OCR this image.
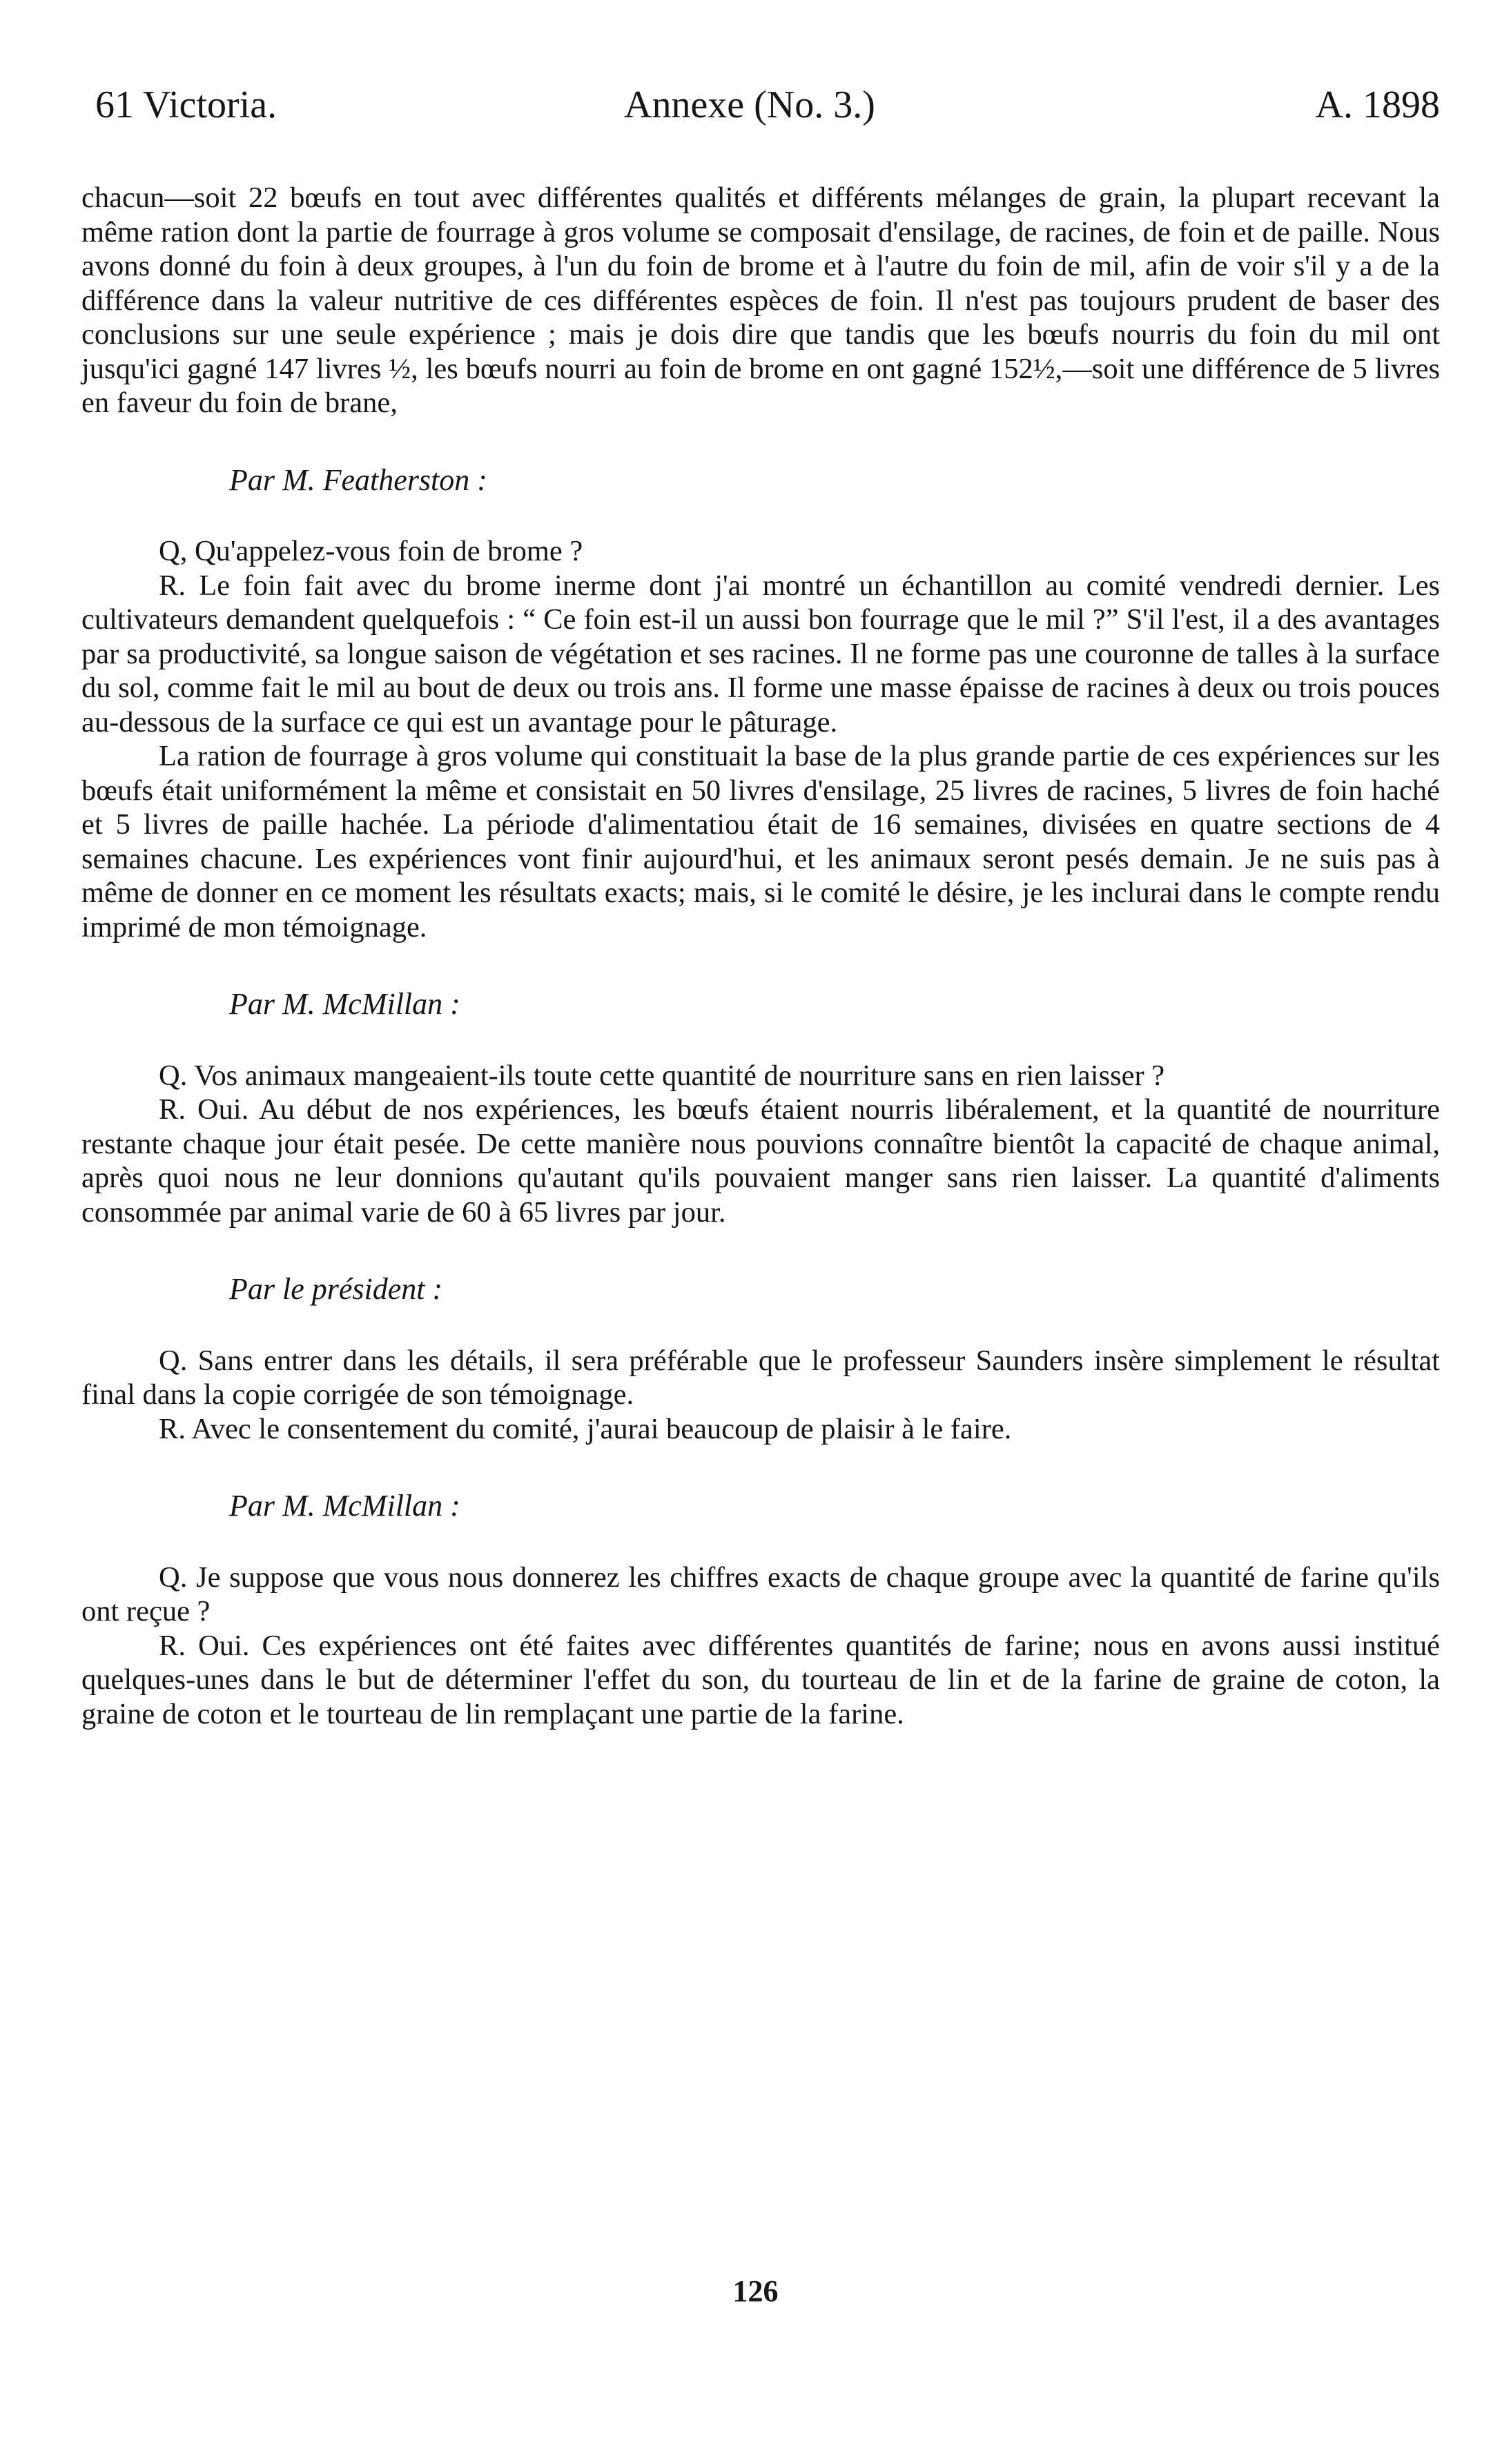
61 Victoria.	Annexe (No. 3.)	A. 1898

chacun—soit 22 bœufs en tout avec différentes qualités et différents mélanges de grain, la plupart recevant la même ration dont la partie de fourrage à gros volume se composait d'ensilage, de racines, de foin et de paille. Nous avons donné du foin à deux groupes, à l'un du foin de brome et à l'autre du foin de mil, afin de voir s'il y a de la différence dans la valeur nutritive de ces différentes espèces de foin. Il n'est pas toujours prudent de baser des conclusions sur une seule expérience ; mais je dois dire que tandis que les bœufs nourris du foin du mil ont jusqu'ici gagné 147 livres ½, les bœufs nourri au foin de brome en ont gagné 152½,—soit une différence de 5 livres en faveur du foin de brane,

Par M. Featherston :

Q, Qu'appelez-vous foin de brome ?

R. Le foin fait avec du brome inerme dont j'ai montré un échantillon au comité vendredi dernier. Les cultivateurs demandent quelquefois : “ Ce foin est-il un aussi bon fourrage que le mil ?” S'il l'est, il a des avantages par sa productivité, sa longue saison de végétation et ses racines. Il ne forme pas une couronne de talles à la surface du sol, comme fait le mil au bout de deux ou trois ans. Il forme une masse épaisse de racines à deux ou trois pouces au-dessous de la surface ce qui est un avantage pour le pâturage.

La ration de fourrage à gros volume qui constituait la base de la plus grande partie de ces expériences sur les bœufs était uniformément la même et consistait en 50 livres d'ensilage, 25 livres de racines, 5 livres de foin haché et 5 livres de paille hachée. La période d'alimentatiou était de 16 semaines, divisées en quatre sections de 4 semaines chacune. Les expériences vont finir aujourd'hui, et les animaux seront pesés demain. Je ne suis pas à même de donner en ce moment les résultats exacts; mais, si le comité le désire, je les inclurai dans le compte rendu imprimé de mon témoignage.

Par M. McMillan :

Q. Vos animaux mangeaient-ils toute cette quantité de nourriture sans en rien laisser ?

R. Oui. Au début de nos expériences, les bœufs étaient nourris libéralement, et la quantité de nourriture restante chaque jour était pesée. De cette manière nous pouvions connaître bientôt la capacité de chaque animal, après quoi nous ne leur donnions qu'autant qu'ils pouvaient manger sans rien laisser. La quantité d'aliments consommée par animal varie de 60 à 65 livres par jour.

Par le président :

Q. Sans entrer dans les détails, il sera préférable que le professeur Saunders insère simplement le résultat final dans la copie corrigée de son témoignage.

R. Avec le consentement du comité, j'aurai beaucoup de plaisir à le faire.

Par M. McMillan :

Q. Je suppose que vous nous donnerez les chiffres exacts de chaque groupe avec la quantité de farine qu'ils ont reçue ?

R. Oui. Ces expériences ont été faites avec différentes quantités de farine; nous en avons aussi institué quelques-unes dans le but de déterminer l'effet du son, du tourteau de lin et de la farine de graine de coton, la graine de coton et le tourteau de lin remplaçant une partie de la farine.

126
